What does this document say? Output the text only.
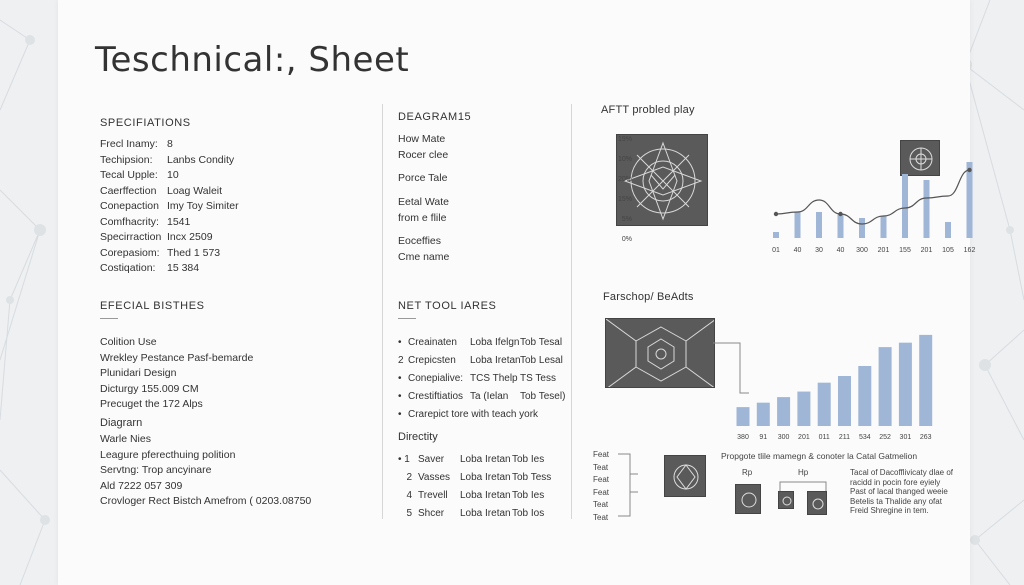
Teschnical:, Sheet
SPECIFIATIONS
Frecl Inamy: 8
Techipsion:	Lanbs Condity
Tecal Upple: 10
Caerffection	Loag Waleit
Conepaction Imy Toy Simiter
Comfhacrity: 1541
Specirraction Incx 2509
Corepasiom: Thed 1 573
Costiqation:	15 384
EFECIAL BISTHES
Colition Use
Wrekley Pestance Pasf-bemarde
Plunidari Design
Dicturgy 155.009 CM
Precuget the 172 Alps
Diagrarn
Warle Nies
Leagure pferecthuing polition
Servtng: Trop ancyinare
Ald 7222 057 309
Crovloger Rect Bistch Amefrom ( 0203.08750
DEAGRAM15
How Mate
Rocer clee
Porce Tale
Eetal Wate
from e flile
Eoceffies
Cme name
NET TOOL IARES
• Creainaten	Loba Ifelgn Tob Tesal
2 Crepicsten	Loba Iretan Tob Lesal
• Conepialive: TCS Thelp TS Tess
• Crestiftiatios Ta (Ielan	Tob Tesel)
• Crarepict tore with teach york
Directity
• 1 Saver	Loba Iretan Tob Ies
2 Vasses Loba Iretan Tob Tess
4 Trevell	Loba Iretan Tob Ies
5 Shcer	Loba Iretan Tob Ios
AFTT probled play
19%
10%
20%
15%
5%
0%
01 40 30 40 300 201 155 201 105 162
Farschop/ BeAdts
380 91 300 201 011 211 534 252 301 263
Feat
Teat
Feat
Feat
Teat
Teat
Propgote tlile mamegn & conoter la Catal Gatmelion
Rp	Hp	Tacal of Dacofflivicaty dlae of
racidd in pocin fore eyiely
Past of lacal thanged weeie
Betelis ta Thalide any ofat
Freid Shregine in tem.
